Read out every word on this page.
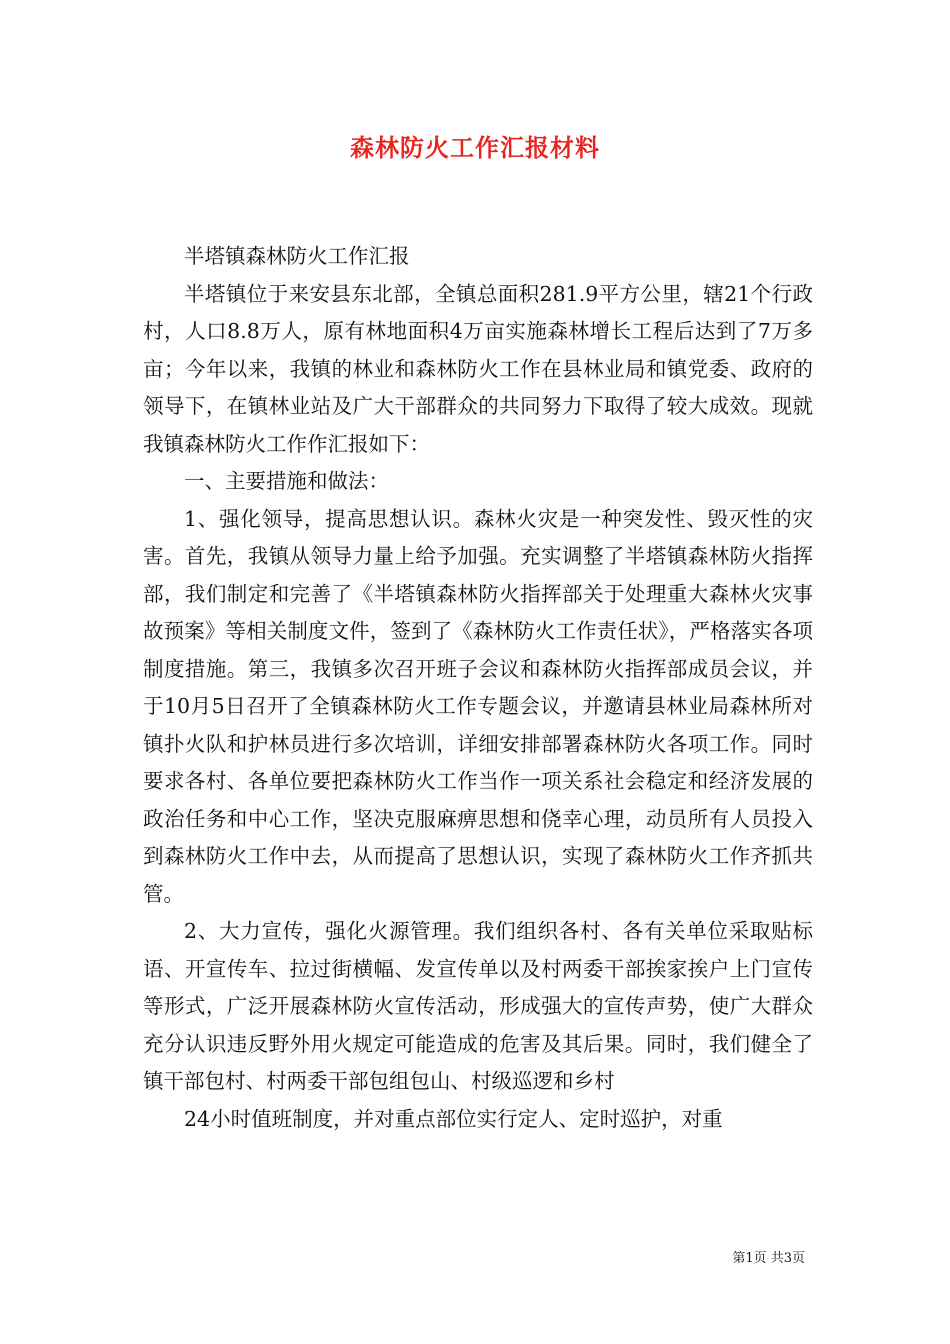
森林防火工作汇报材料

半塔镇森林防火工作汇报

半塔镇位于来安县东北部，全镇总面积281.9平方公里，辖21个行政村，人口8.8万人，原有林地面积4万亩实施森林增长工程后达到了7万多亩；今年以来，我镇的林业和森林防火工作在县林业局和镇党委、政府的领导下，在镇林业站及广大干部群众的共同努力下取得了较大成效。现就我镇森林防火工作作汇报如下：

一、主要措施和做法：

1、强化领导，提高思想认识。森林火灾是一种突发性、毁灭性的灾害。首先，我镇从领导力量上给予加强。充实调整了半塔镇森林防火指挥部，我们制定和完善了《半塔镇森林防火指挥部关于处理重大森林火灾事故预案》等相关制度文件，签到了《森林防火工作责任状》，严格落实各项制度措施。第三，我镇多次召开班子会议和森林防火指挥部成员会议，并于10月5日召开了全镇森林防火工作专题会议，并邀请县林业局森林所对镇扑火队和护林员进行多次培训，详细安排部署森林防火各项工作。同时要求各村、各单位要把森林防火工作当作一项关系社会稳定和经济发展的政治任务和中心工作，坚决克服麻痹思想和侥幸心理，动员所有人员投入到森林防火工作中去，从而提高了思想认识，实现了森林防火工作齐抓共管。

2、大力宣传，强化火源管理。我们组织各村、各有关单位采取贴标语、开宣传车、拉过街横幅、发宣传单以及村两委干部挨家挨户上门宣传等形式，广泛开展森林防火宣传活动，形成强大的宣传声势，使广大群众充分认识违反野外用火规定可能造成的危害及其后果。同时，我们健全了镇干部包村、村两委干部包组包山、村级巡逻和乡村

24小时值班制度，并对重点部位实行定人、定时巡护，对重

第1页 共3页
